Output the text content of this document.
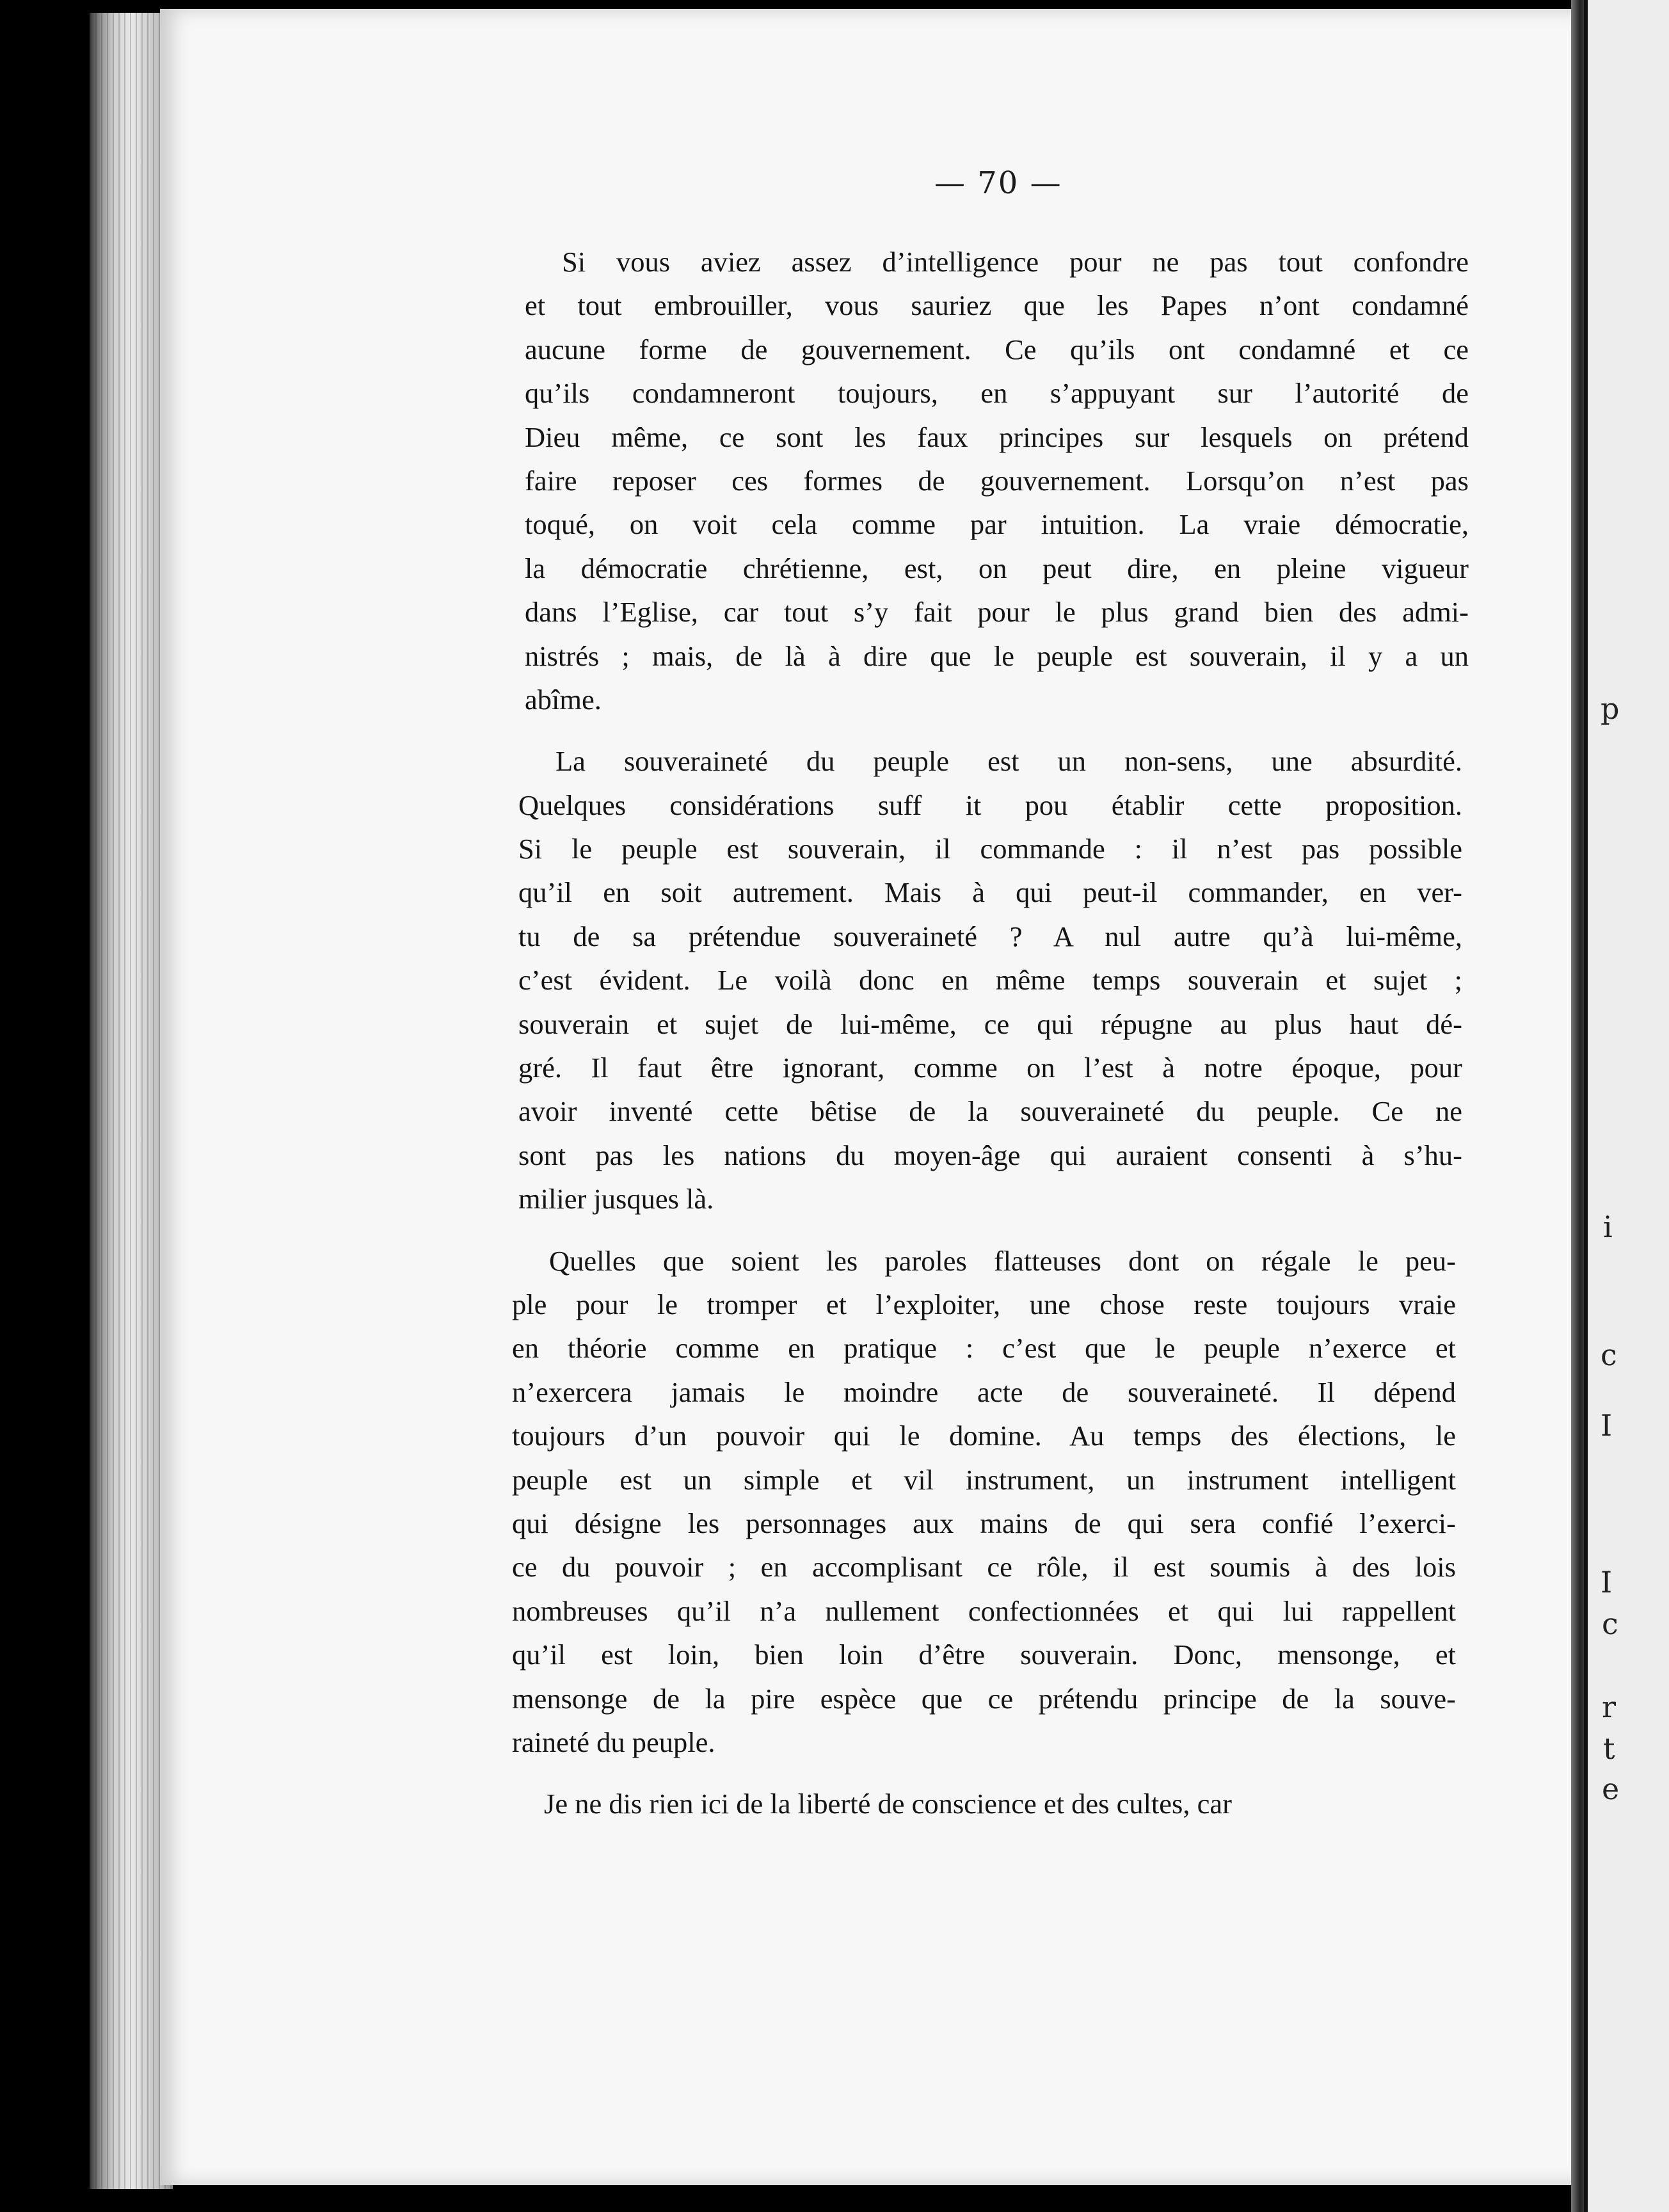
p
i
c
I
I
c
r
t
e
— 70 —
Si vous aviez assez d’intelligence pour ne pas tout confondre
et tout embrouiller, vous sauriez que les Papes n’ont condamné
aucune forme de gouvernement. Ce qu’ils ont condamné et ce
qu’ils condamneront toujours, en s’appuyant sur l’autorité de
Dieu même, ce sont les faux principes sur lesquels on prétend
faire reposer ces formes de gouvernement. Lorsqu’on n’est pas
toqué, on voit cela comme par intuition. La vraie démocratie,
la démocratie chrétienne, est, on peut dire, en pleine vigueur
dans l’Eglise, car tout s’y fait pour le plus grand bien des admi-
nistrés ; mais, de là à dire que le peuple est souverain, il y a un
abîme.
La souveraineté du peuple est un non-sens, une absurdité.
Quelques considérations suff it pou établir cette proposition.
Si le peuple est souverain, il commande : il n’est pas possible
qu’il en soit autrement. Mais à qui peut-il commander, en ver-
tu de sa prétendue souveraineté ? A nul autre qu’à lui-même,
c’est évident. Le voilà donc en même temps souverain et sujet ;
souverain et sujet de lui-même, ce qui répugne au plus haut dé-
gré. Il faut être ignorant, comme on l’est à notre époque, pour
avoir inventé cette bêtise de la souveraineté du peuple. Ce ne
sont pas les nations du moyen-âge qui auraient consenti à s’hu-
milier jusques là.
Quelles que soient les paroles flatteuses dont on régale le peu-
ple pour le tromper et l’exploiter, une chose reste toujours vraie
en théorie comme en pratique : c’est que le peuple n’exerce et
n’exercera jamais le moindre acte de souveraineté. Il dépend
toujours d’un pouvoir qui le domine. Au temps des élections, le
peuple est un simple et vil instrument, un instrument intelligent
qui désigne les personnages aux mains de qui sera confié l’exerci-
ce du pouvoir ; en accomplisant ce rôle, il est soumis à des lois
nombreuses qu’il n’a nullement confectionnées et qui lui rappellent
qu’il est loin, bien loin d’être souverain. Donc, mensonge, et
mensonge de la pire espèce que ce prétendu principe de la souve-
raineté du peuple.
Je ne dis rien ici de la liberté de conscience et des cultes, car
